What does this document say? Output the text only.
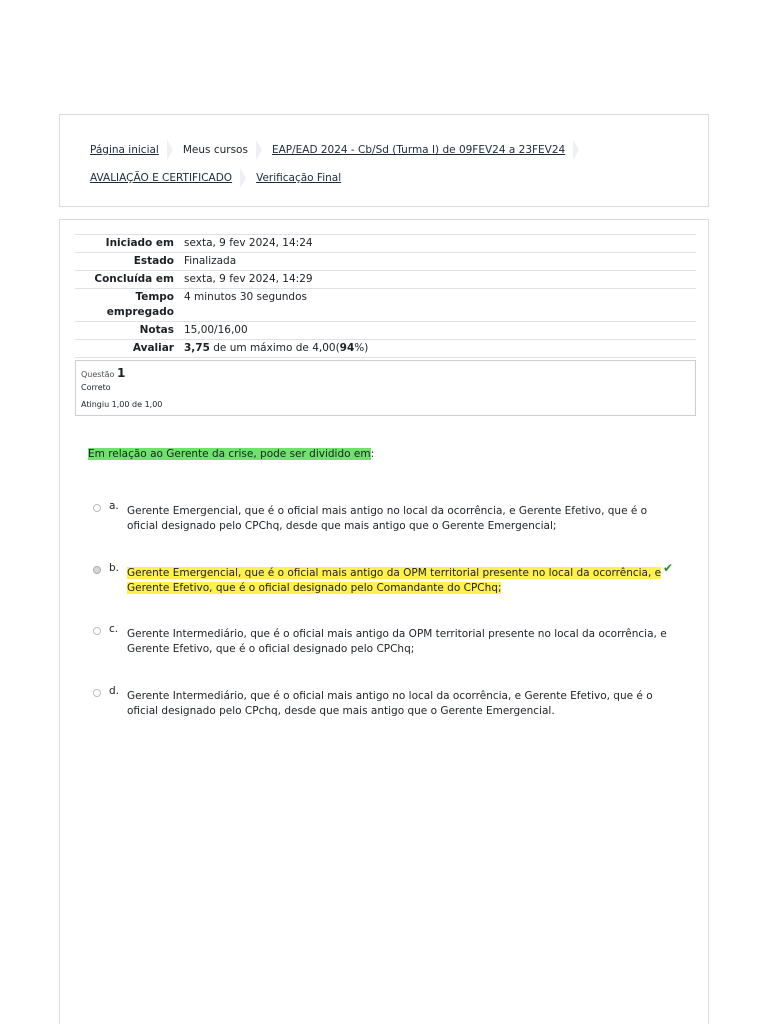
Página inicial Meus cursos EAP/EAD 2024 - Cb/Sd (Turma I) de 09FEV24 a 23FEV24
AVALIAÇÃO E CERTIFICADO Verificação Final
Iniciado em	sexta, 9 fev 2024, 14:24
Estado	Finalizada
Concluída em	sexta, 9 fev 2024, 14:29
Tempo
empregado	4 minutos 30 segundos
Notas	15,00/16,00
Avaliar	3,75 de um máximo de 4,00(94%)
Questão 1
Correto
Atingiu 1,00 de 1,00
Em relação ao Gerente da crise, pode ser dividido em:
a. Gerente Emergencial, que é o oficial mais antigo no local da ocorrência, e Gerente Efetivo, que é o oficial designado pelo CPChq, desde que mais antigo que o Gerente Emergencial;
b. Gerente Emergencial, que é o oficial mais antigo da OPM territorial presente no local da ocorrência, e Gerente Efetivo, que é o oficial designado pelo Comandante do CPChq;
✔
c. Gerente Intermediário, que é o oficial mais antigo da OPM territorial presente no local da ocorrência, e Gerente Efetivo, que é o oficial designado pelo CPChq;
d. Gerente Intermediário, que é o oficial mais antigo no local da ocorrência, e Gerente Efetivo, que é o oficial designado pelo CPchq, desde que mais antigo que o Gerente Emergencial.
